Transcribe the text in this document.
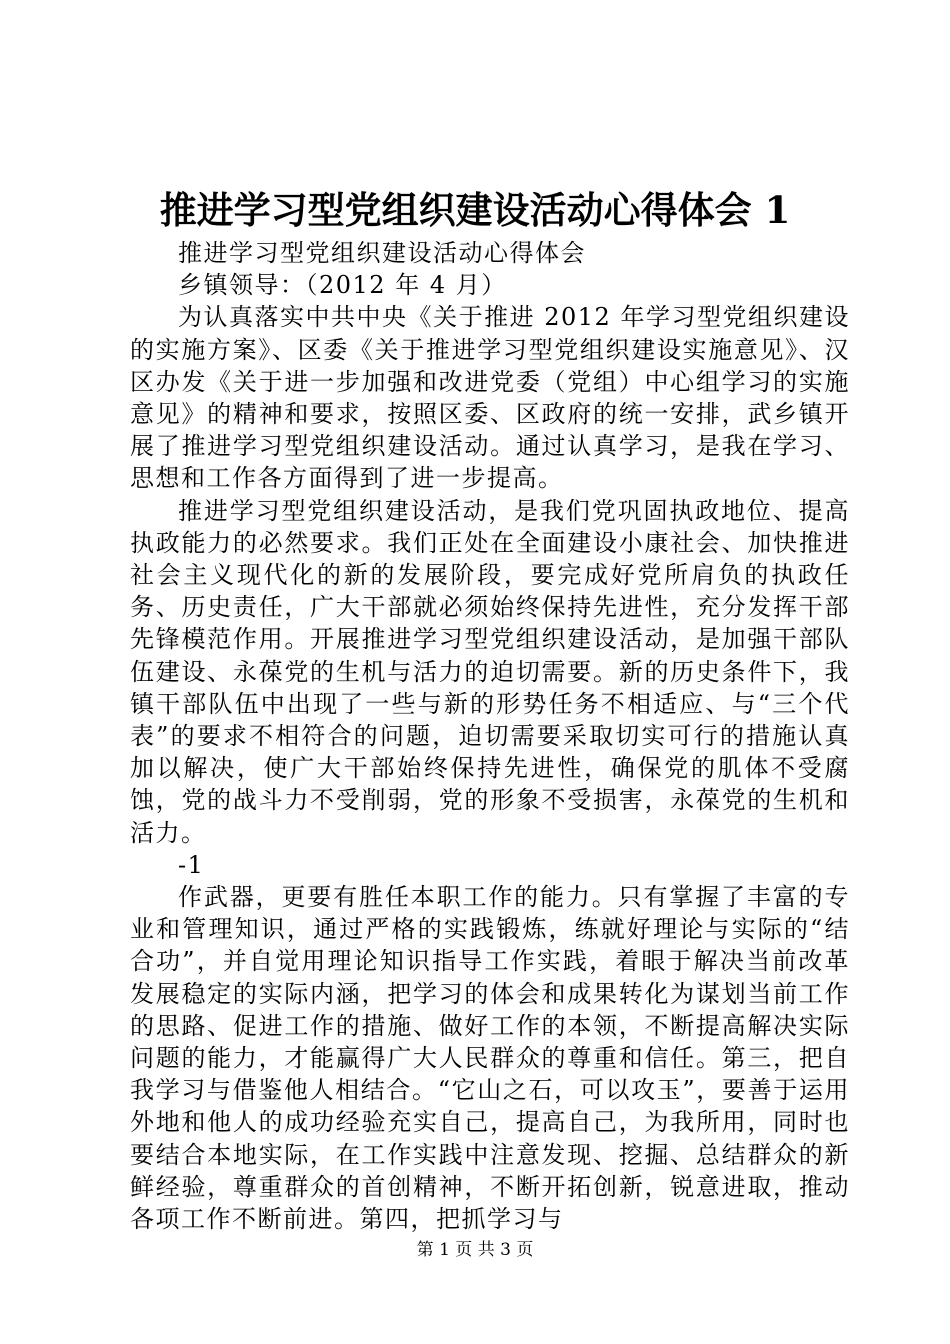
推进学习型党组织建设活动心得体会 1

推进学习型党组织建设活动心得体会

乡镇领导：（2012 年 4 月）

为认真落实中共中央《关于推进 2012 年学习型党组织建设的实施方案》、区委《关于推进学习型党组织建设实施意见》、汉区办发《关于进一步加强和改进党委（党组）中心组学习的实施意见》的精神和要求，按照区委、区政府的统一安排，武乡镇开展了推进学习型党组织建设活动。通过认真学习，是我在学习、思想和工作各方面得到了进一步提高。

推进学习型党组织建设活动，是我们党巩固执政地位、提高执政能力的必然要求。我们正处在全面建设小康社会、加快推进社会主义现代化的新的发展阶段，要完成好党所肩负的执政任务、历史责任，广大干部就必须始终保持先进性，充分发挥干部先锋模范作用。开展推进学习型党组织建设活动，是加强干部队伍建设、永葆党的生机与活力的迫切需要。新的历史条件下，我镇干部队伍中出现了一些与新的形势任务不相适应、与“三个代表”的要求不相符合的问题，迫切需要采取切实可行的措施认真加以解决，使广大干部始终保持先进性，确保党的肌体不受腐蚀，党的战斗力不受削弱，党的形象不受损害，永葆党的生机和活力。

-1

作武器，更要有胜任本职工作的能力。只有掌握了丰富的专业和管理知识，通过严格的实践锻炼，练就好理论与实际的“结合功”，并自觉用理论知识指导工作实践，着眼于解决当前改革发展稳定的实际内涵，把学习的体会和成果转化为谋划当前工作的思路、促进工作的措施、做好工作的本领，不断提高解决实际问题的能力，才能赢得广大人民群众的尊重和信任。第三，把自我学习与借鉴他人相结合。“它山之石，可以攻玉”，要善于运用外地和他人的成功经验充实自己，提高自己，为我所用，同时也要结合本地实际，在工作实践中注意发现、挖掘、总结群众的新鲜经验，尊重群众的首创精神，不断开拓创新，锐意进取，推动各项工作不断前进。第四，把抓学习与

第 1 页 共 3 页
